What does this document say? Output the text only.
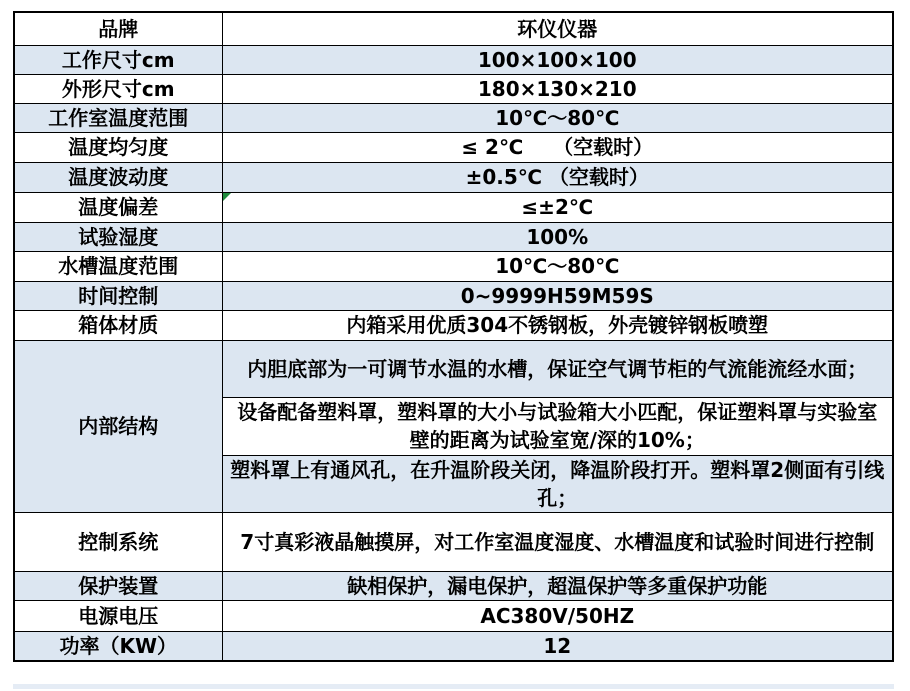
品牌	环仪仪器
工作尺寸cm	100×100×100
外形尺寸cm	180×130×210
工作室温度范围	10℃～80℃
温度均匀度	≤ 2℃　　（空载时）
温度波动度	±0.5℃ （空载时）
温度偏差	≤±2℃
试验湿度	100%
水槽温度范围	10℃～80℃
时间控制	0~9999H59M59S
箱体材质	内箱采用优质304不锈钢板，外壳镀锌钢板喷塑
内部结构	内胆底部为一可调节水温的水槽，保证空气调节柜的气流能流经水面；
	设备配备塑料罩，塑料罩的大小与试验箱大小匹配，保证塑料罩与实验室壁的距离为试验室宽/深的10%；
	塑料罩上有通风孔，在升温阶段关闭，降温阶段打开。塑料罩2侧面有引线孔；
控制系统	7寸真彩液晶触摸屏，对工作室温度湿度、水槽温度和试验时间进行控制
保护装置	缺相保护，漏电保护，超温保护等多重保护功能
电源电压	AC380V/50HZ
功率（KW）	12
